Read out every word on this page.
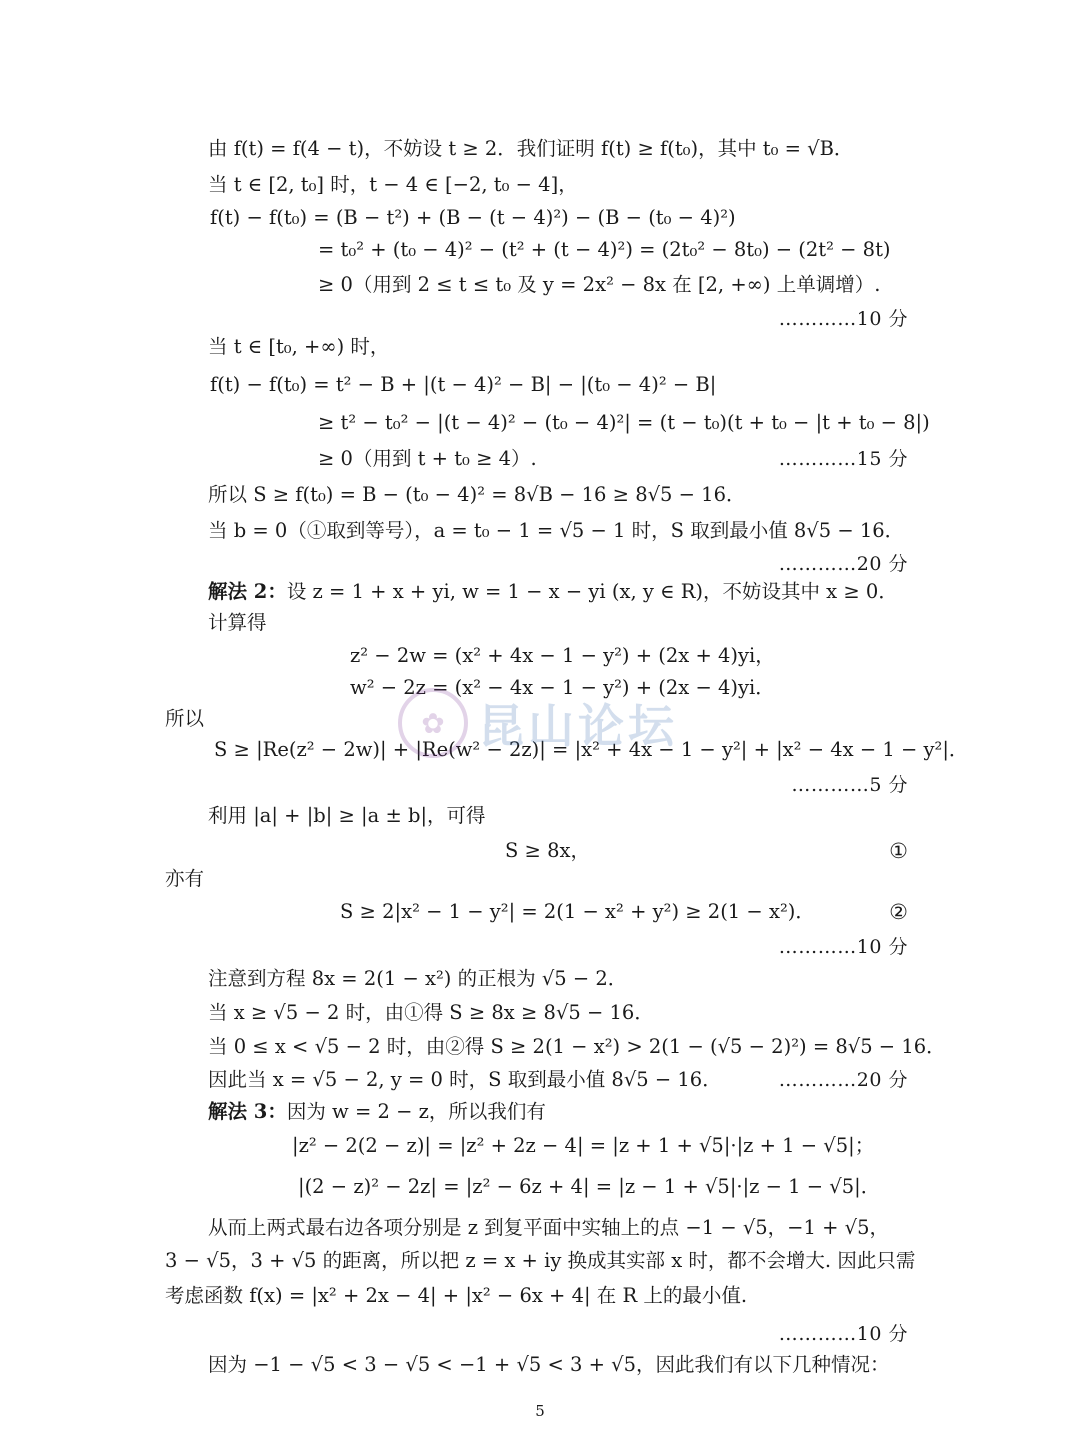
由 f(t) = f(4 − t)，不妨设 t ≥ 2．我们证明 f(t) ≥ f(t₀)，其中 t₀ = √B．
当 t ∈ [2, t₀] 时，t − 4 ∈ [−2, t₀ − 4]，
f(t) − f(t₀) = (B − t²) + (B − (t − 4)²) − (B − (t₀ − 4)²)
= t₀² + (t₀ − 4)² − (t² + (t − 4)²) = (2t₀² − 8t₀) − (2t² − 8t)
≥ 0（用到 2 ≤ t ≤ t₀ 及 y = 2x² − 8x 在 [2, +∞) 上单调增）.
…………10 分
当 t ∈ [t₀, +∞) 时，
f(t) − f(t₀) = t² − B + |(t − 4)² − B| − |(t₀ − 4)² − B|
≥ t² − t₀² − |(t − 4)² − (t₀ − 4)²| = (t − t₀)(t + t₀ − |t + t₀ − 8|)
≥ 0（用到 t + t₀ ≥ 4）.	…………15 分
所以 S ≥ f(t₀) = B − (t₀ − 4)² = 8√B − 16 ≥ 8√5 − 16．
当 b = 0（①取到等号），a = t₀ − 1 = √5 − 1 时，S 取到最小值 8√5 − 16．
…………20 分
解法 2：设 z = 1 + x + yi, w = 1 − x − yi (x, y ∈ R)，不妨设其中 x ≥ 0．
计算得
z² − 2w = (x² + 4x − 1 − y²) + (2x + 4)yi，
w² − 2z = (x² − 4x − 1 − y²) + (2x − 4)yi．
所以
S ≥ |Re(z² − 2w)| + |Re(w² − 2z)| = |x² + 4x − 1 − y²| + |x² − 4x − 1 − y²|．
…………5 分
利用 |a| + |b| ≥ |a ± b|，可得
S ≥ 8x，	①
亦有
S ≥ 2|x² − 1 − y²| = 2(1 − x² + y²) ≥ 2(1 − x²)．	②
…………10 分
注意到方程 8x = 2(1 − x²) 的正根为 √5 − 2．
当 x ≥ √5 − 2 时，由①得 S ≥ 8x ≥ 8√5 − 16．
当 0 ≤ x < √5 − 2 时，由②得 S ≥ 2(1 − x²) > 2(1 − (√5 − 2)²) = 8√5 − 16．
因此当 x = √5 − 2, y = 0 时，S 取到最小值 8√5 − 16．	…………20 分
解法 3：因为 w = 2 − z，所以我们有
|z² − 2(2 − z)| = |z² + 2z − 4| = |z + 1 + √5|·|z + 1 − √5|；
|(2 − z)² − 2z| = |z² − 6z + 4| = |z − 1 + √5|·|z − 1 − √5|．
从而上两式最右边各项分别是 z 到复平面中实轴上的点 −1 − √5，−1 + √5，
3 − √5，3 + √5 的距离，所以把 z = x + iy 换成其实部 x 时，都不会增大. 因此只需
考虑函数 f(x) = |x² + 2x − 4| + |x² − 6x + 4| 在 R 上的最小值.
…………10 分
因为 −1 − √5 < 3 − √5 < −1 + √5 < 3 + √5，因此我们有以下几种情况：
5
✿ 昆山论坛
